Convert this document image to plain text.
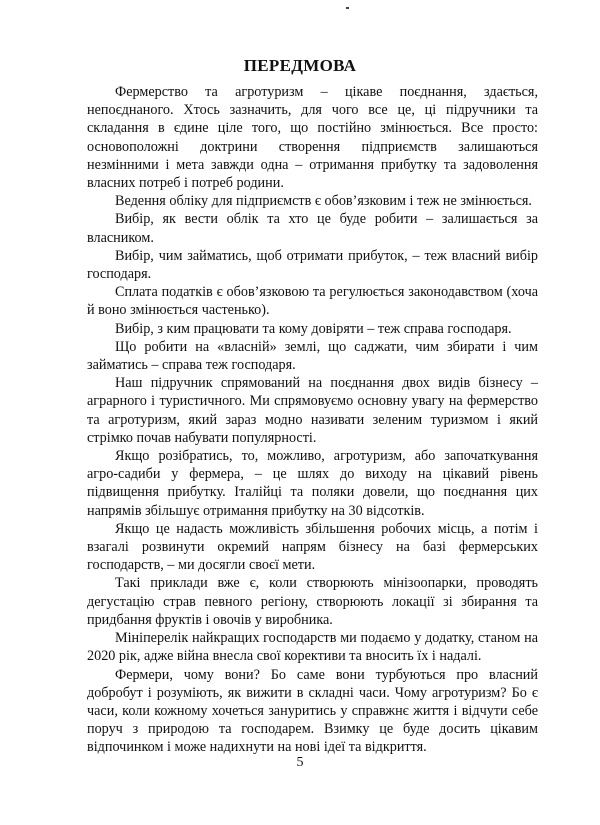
ПЕРЕДМОВА

Фермерство та агротуризм – цікаве поєднання, здається, непоєднаного. Хтось зазначить, для чого все це, ці підручники та складання в єдине ціле того, що постійно змінюється. Все просто: основоположні доктрини створення підприємств залишаються незмінними і мета завжди одна – отримання прибутку та задоволення власних потреб і потреб родини.

Ведення обліку для підприємств є обов’язковим і теж не змінюється.

Вибір, як вести облік та хто це буде робити – залишається за власником.

Вибір, чим займатись, щоб отримати прибуток, – теж власний вибір господаря.

Сплата податків є обов’язковою та регулюється законодавством (хоча й воно змінюється частенько).

Вибір, з ким працювати та кому довіряти – теж справа господаря.

Що робити на «власній» землі, що саджати, чим збирати і чим займатись – справа теж господаря.

Наш підручник спрямований на поєднання двох видів бізнесу – аграрного і туристичного. Ми спрямовуємо основну увагу на фермерство та агротуризм, який зараз модно називати зеленим туризмом і який стрімко почав набувати популярності.

Якщо розібратись, то, можливо, агротуризм, або започаткування агро-садиби у фермера, – це шлях до виходу на цікавий рівень підвищення прибутку. Італійці та поляки довели, що поєднання цих напрямів збільшує отримання прибутку на 30 відсотків.

Якщо це надасть можливість збільшення робочих місць, а потім і взагалі розвинути окремий напрям бізнесу на базі фермерських господарств, – ми досягли своєї мети.

Такі приклади вже є, коли створюють мінізоопарки, проводять дегустацію страв певного регіону, створюють локації зі збирання та придбання фруктів і овочів у виробника.

Мініперелік найкращих господарств ми подаємо у додатку, станом на 2020 рік, адже війна внесла свої корективи та вносить їх і надалі.

Фермери, чому вони? Бо саме вони турбуються про власний добробут і розуміють, як вижити в складні часи. Чому агротуризм? Бо є часи, коли кожному хочеться зануритись у справжнє життя і відчути себе поруч з природою та господарем. Взимку це буде досить цікавим відпочинком і може надихнути на нові ідеї та відкриття.

5
